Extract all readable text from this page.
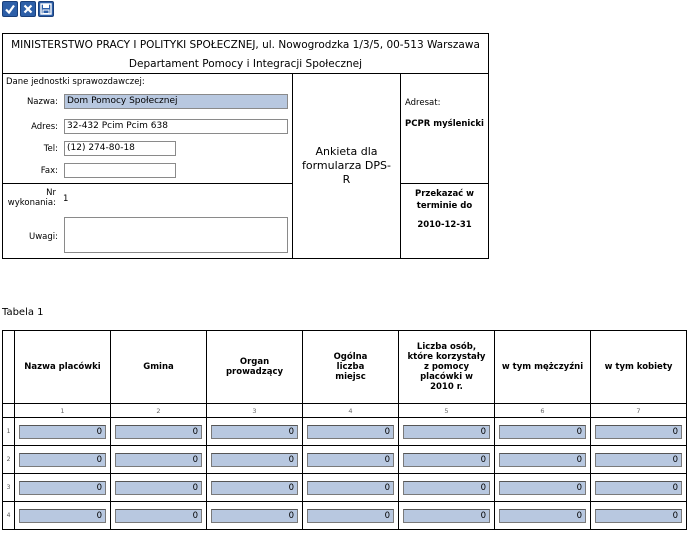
MINISTERSTWO PRACY I POLITYKI SPOŁECZNEJ, ul. Nowogrodzka 1/3/5, 00-513 Warszawa
Departament Pomocy i Integracji Społecznej
Dane jednostki sprawozdawczej:
Nazwa:	Dom Pomocy Społecznej
Adres:	32-432 Pcim Pcim 638
Tel:	(12) 274-80-18
Fax:
Nr wykonania: 1
Uwagi:
Ankieta dla formularza DPS-R
Adresat:
PCPR myślenicki
Przekazać w terminie do
2010-12-31
Tabela 1

	Nazwa placówki	Gmina	Organ prowadzący	Ogólna liczba miejsc	Liczba osób, które korzystały z pomocy placówki w 2010 r.	w tym mężczyźni	w tym kobiety

	1	2	3	4	5	6	7
1	0	0	0	0	0	0	0

2	0	0	0	0	0	0	0

3	0	0	0	0	0	0	0

4	0	0	0	0	0	0	0
